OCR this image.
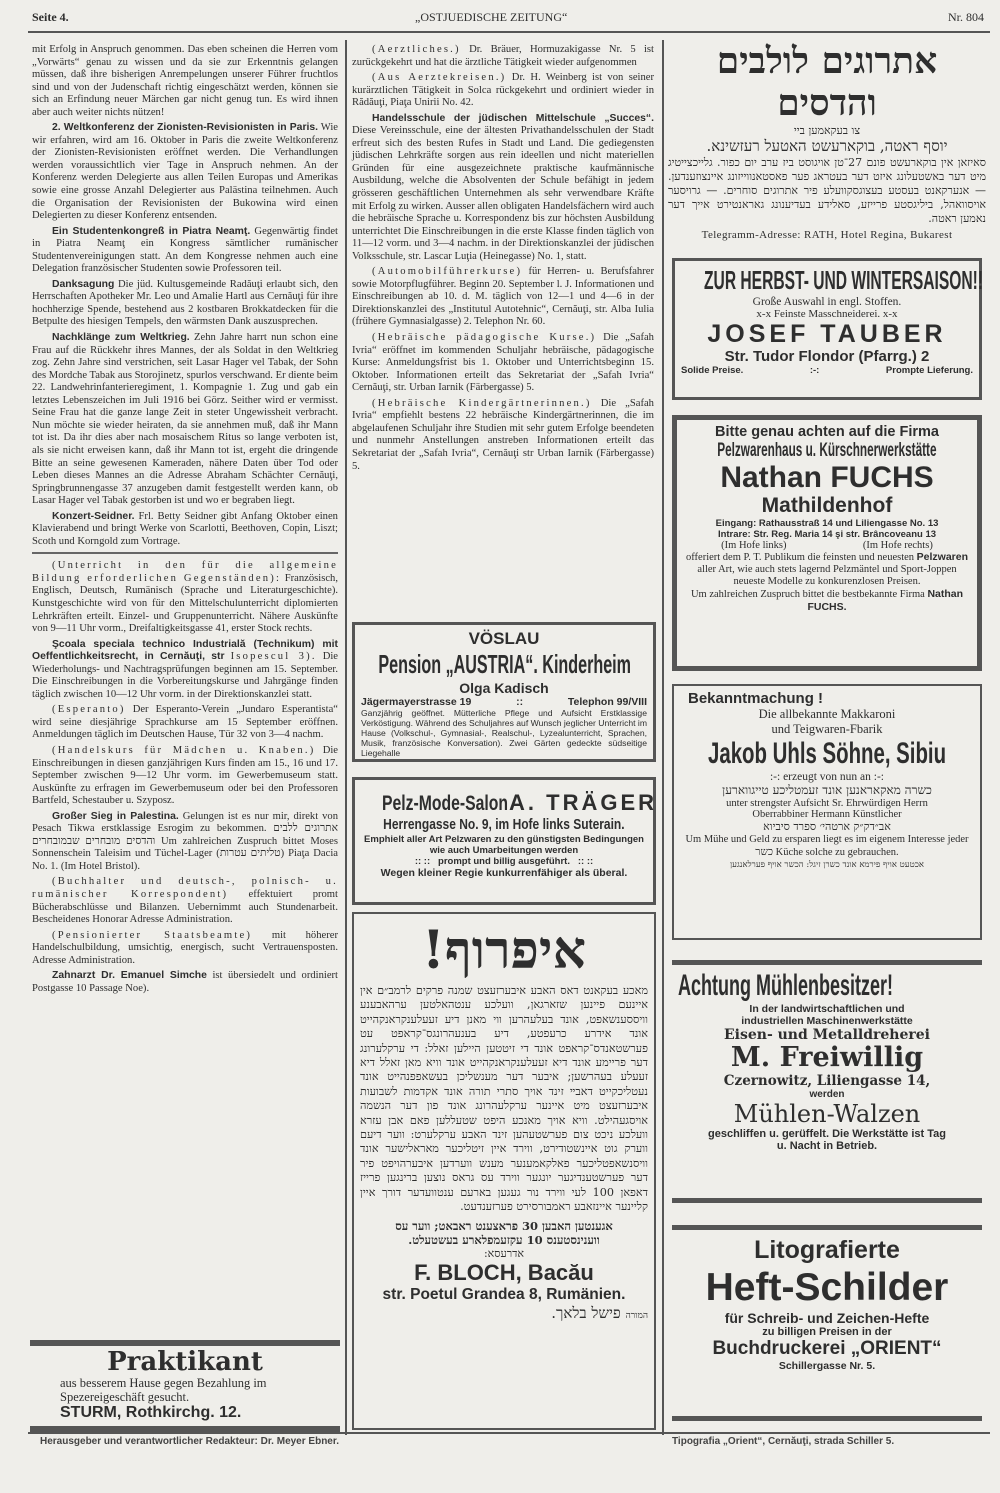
Seite 4.	„OSTJUEDISCHE ZEITUNG“	Nr. 804

mit Erfolg in Anspruch genommen. Das eben scheinen die Herren vom „Vorwärts“ genau zu wissen und da sie zur Erkenntnis gelangen müssen, daß ihre bisherigen Anrempelungen unserer Führer fruchtlos sind und von der Judenschaft richtig eingeschätzt werden, können sie sich an Erfindung neuer Märchen gar nicht genug tun. Es wird ihnen aber auch weiter nichts nützen!

2. Weltkonferenz der Zionisten-Revisionisten in Paris. Wie wir erfahren, wird am 16. Oktober in Paris die zweite Weltkonferenz der Zionisten-Revisionisten eröffnet werden. Die Verhandlungen werden voraussichtlich vier Tage in Anspruch nehmen. An der Konferenz werden Delegierte aus allen Teilen Europas und Amerikas sowie eine grosse Anzahl Delegierter aus Palästina teilnehmen. Auch die Organisation der Revisionisten der Bukowina wird einen Delegierten zu dieser Konferenz entsenden.

Ein Studentenkongreß in Piatra Neamţ. Gegenwärtig findet in Piatra Neamţ ein Kongress sämtlicher rumänischer Studentenvereinigungen statt. An dem Kongresse nehmen auch eine Delegation französischer Studenten sowie Professoren teil.

Danksagung Die jüd. Kultusgemeinde Radăuţi erlaubt sich, den Herrschaften Apotheker Mr. Leo und Amalie Hartl aus Cernăuţi für ihre hochherzige Spende, bestehend aus 2 kostbaren Brokkatdecken für die Betpulte des hiesigen Tempels, den wärmsten Dank auszusprechen.

Nachklänge zum Weltkrieg. Zehn Jahre harrt nun schon eine Frau auf die Rückkehr ihres Mannes, der als Soldat in den Weltkrieg zog. Zehn Jahre sind verstrichen, seit Lasar Hager vel Tabak, der Sohn des Mordche Tabak aus Storojinetz, spurlos verschwand. Er diente beim 22. Landwehrinfanterieregiment, 1. Kompagnie 1. Zug und gab ein letztes Lebenszeichen im Juli 1916 bei Görz. Seither wird er vermisst. Seine Frau hat die ganze lange Zeit in steter Ungewissheit verbracht. Nun möchte sie wieder heiraten, da sie annehmen muß, daß ihr Mann tot ist. Da ihr dies aber nach mosaischem Ritus so lange verboten ist, als sie nicht erweisen kann, daß ihr Mann tot ist, ergeht die dringende Bitte an seine gewesenen Kameraden, nähere Daten über Tod oder Leben dieses Mannes an die Adresse Abraham Schächter Cernăuţi, Springbrunnengasse 37 anzugeben damit festgestellt werden kann, ob Lasar Hager vel Tabak gestorben ist und wo er begraben liegt.

Konzert-Seidner. Frl. Betty Seidner gibt Anfang Oktober einen Klavierabend und bringt Werke von Scarlotti, Beethoven, Copin, Liszt; Scoth und Korngold zum Vortrage.

(Unterricht in den für die allgemeine Bildung erforderlichen Gegenständen): Französisch, Englisch, Deutsch, Rumänisch (Sprache und Literaturgeschichte). Kunstgeschichte wird von für den Mittelschulunterricht diplomierten Lehrkräften erteilt. Einzel- und Gruppenunterricht. Nähere Auskünfte von 9—11 Uhr vorm., Dreifaltigkeitsgasse 41, erster Stock rechts.

Şcoala speciala technico Industrială (Technikum) mit Oeffentlichkeitsrecht, in Cernăuţi, str Isopescul 3). Die Wiederholungs- und Nachtragsprüfungen beginnen am 15. September. Die Einschreibungen in die Vorbereitungskurse und Jahrgänge finden täglich zwischen 10—12 Uhr vorm. in der Direktionskanzlei statt.

(Esperanto) Der Esperanto-Verein „Jundaro Esperantista“ wird seine diesjährige Sprachkurse am 15 September eröffnen. Anmeldungen täglich im Deutschen Hause, Tür 32 von 3—4 nachm.

(Handelskurs für Mädchen u. Knaben.) Die Einschreibungen in diesen ganzjährigen Kurs finden am 15., 16 und 17. September zwischen 9—12 Uhr vorm. im Gewerbemuseum statt. Auskünfte zu erfragen im Gewerbemuseum oder bei den Professoren Bartfeld, Schestauber u. Szyposz.

Großer Sieg in Palestina. Gelungen ist es nur mir, direkt von Pesach Tikwa erstklassige Esrogim zu bekommen. אתרוגים ללבים והדסים מובחרים שבמובחרים Um zahlreichen Zuspruch bittet Moses Sonnenschein Taleisim und Tüchel-Lager (טליתים עטרות) Piaţa Dacia No. 1. (Im Hotel Bristol).

(Buchhalter und deutsch-, polnisch- u. rumänischer Korrespondent) effektuiert promt Bücherabschlüsse und Bilanzen. Uebernimmt auch Stundenarbeit. Bescheidenes Honorar Adresse Administration.

(Pensionierter Staatsbeamte) mit höherer Handelschulbildung, umsichtig, energisch, sucht Vertrauensposten. Adresse Administration.

Zahnarzt Dr. Emanuel Simche ist übersiedelt und ordiniert Postgasse 10 Passage Noe).

Praktikant
aus besserem Hause gegen Bezahlung im Spezereigeschäft gesucht.
STURM, Rothkirchg. 12.

(Aerztliches.) Dr. Bräuer, Hormuzakigasse Nr. 5 ist zurückgekehrt und hat die ärztliche Tätigkeit wieder aufgenommen

(Aus Aerztekreisen.) Dr. H. Weinberg ist von seiner kurärztlichen Tätigkeit in Solca rückgekehrt und ordiniert wieder in Rădăuţi, Piaţa Unirii No. 42.

Handelsschule der jüdischen Mittelschule „Succes“. Diese Vereinsschule, eine der ältesten Privathandelsschulen der Stadt erfreut sich des besten Rufes in Stadt und Land. Die gediegensten jüdischen Lehrkräfte sorgen aus rein ideellen und nicht materiellen Gründen für eine ausgezeichnete praktische kaufmännische Ausbildung, welche die Absolventen der Schule befähigt in jedem grösseren geschäftlichen Unternehmen als sehr verwendbare Kräfte mit Erfolg zu wirken. Ausser allen obligaten Handelsfächern wird auch die hebräische Sprache u. Korrespondenz bis zur höchsten Ausbildung unterrichtet Die Einschreibungen in die erste Klasse finden täglich von 11—12 vorm. und 3—4 nachm. in der Direktionskanzlei der jüdischen Volksschule, str. Lascar Luţia (Heinegasse) No. 1, statt.

(Automobilführerkurse) für Herren- u. Berufsfahrer sowie Motorpflugführer. Beginn 20. September l. J. Informationen und Einschreibungen ab 10. d. M. täglich von 12—1 und 4—6 in der Direktionskanzlei des „Institutul Autotehnic“, Cernăuţi, str. Alba Iulia (frühere Gymnasialgasse) 2. Telephon Nr. 60.

(Hebräische pädagogische Kurse.) Die „Safah Ivria“ eröffnet im kommenden Schuljahr hebräische, pädagogische Kurse: Anmeldungsfrist bis 1. Oktober und Unterrichtsbeginn 15. Oktober. Informationen erteilt das Sekretariat der „Safah Ivria“ Cernăuţi, str. Urban Iarnik (Färbergasse) 5.

(Hebräische Kindergärtnerinnen.) Die „Safah Ivria“ empfiehlt bestens 22 hebräische Kindergärtnerinnen, die im abgelaufenen Schuljahr ihre Studien mit sehr gutem Erfolge beendeten und nunmehr Anstellungen anstreben Informationen erteilt das Sekretariat der „Safah Ivria“, Cernăuţi str Urban Iarnik (Färbergasse) 5.

VÖSLAU
Pension „AUSTRIA“. Kinderheim
Olga Kadisch
Jägermayerstrasse 19	::	Telephon 99/VIII
Ganzjährig geöffnet. Mütterliche Pflege und Aufsicht Erstklassige Verköstigung. Während des Schuljahres auf Wunsch jeglicher Unterricht im Hause (Volkschul-, Gymnasial-, Realschul-, Lyzealunterricht, Sprachen, Musik, französische Konversation). Zwei Gärten gedeckte südseitige Liegehalle
Pelz-Mode-SalonA. TRÄGER
Herrengasse No. 9, im Hofe links Suterain.
Emphielt aller Art Pelzwaren zu den günstigsten Bedingungen wie auch Umarbeitungen werden
:: ::   prompt und billig ausgeführt.   :: ::
Wegen kleiner Regie kunkurrenfähiger als überal.
איפרוף!
מאכע בעקאנט דאס האבע איבערזעצט שמנה פרקים לרמב״ם אין איינעם פיינען שזארגאן, וועלכע ענטהאלטען ערהאבענע וויססענשאפט, אונד בעלעהרען ווי מאנן דיע זעעלענקראנקהייט אונד אידרע כרעפטע, דיע בענעהרונגס־קראפט עט פערשטאנדס־קראפט אונד די זיטטען היילען זאלל: די ערקלערונג דער פריימע אונד דיא זעעלענקראנקהייט אונד וויא מאן זאלל דיא זעעלע בעהרשען; איבער דער מענשליכן בעשאפפנהייט אונד נעטליכקייט דאבײ זינד אויך סתרי תורה אונד אקדמות לשבועות איבערזעצט מיט איינער ערקלעהרונג אונד פון דער הנשמה אויסגעהילט. וויא אויך מאנכע היפט שטעללען פאם אבן עזרא וועלכע ניכט צום פערשטעהען זינד האבע ערקלערט: ווער דיעם ווערק גוט איינשטודירט, ווירד איין זיטליכער מאראלישער אונד וויסנשאפטליכער פאלקאמענער מענש ווערדען איבערהויפט פיר דער פערשטענדיגער יונגער ווירד עס גראס נוצען ברינגען פרייז דאפאן 100 לעי ווירד נור געגען בארעם ענטוועדער דורך איין קליינער איינזאבע ראמבורסירט פערזענדעט.
אגענטען האבען 30 פראצענט ראבאט; ווער עס
ווענינסטענס 10 עקזעמפלארע בעשטעלט.
אדרעסא:
F. BLOCH, Bacău
str. Poetul Grandea 8, Rumänien.
המורה פישל בלאך.
אתרוגים לולבים והדסים
צו בעקאמען ביי
יוסף ראטה, בוקארעשט האטעל רעזשינא.
סאיזאן אין בוקארעשט פונם 27־טן אויגוסט ביז ערב יום כפור. גלייכצייטיג מיט דער באשטעלונג איזט דער בעטראג פער פאסטאנווייזונג איינצוזענדען. — אנערקאנט בעסטע בעצוגסקוועלע פיר אתרוגים סוחרים. — גרויסער אויסוואהל, ביליגסטע פרייזע, סאלידע בעדיענונג גאראנטירט אייך דער נאמען ראטה.
Telegramm-Adresse: RATH, Hotel Regina, Bukarest
ZUR HERBST- UND WINTERSAISON!!
Große Auswahl in engl. Stoffen.
x-x Feinste Masschneiderei. x-x
JOSEF TAUBER
Str. Tudor Flondor (Pfarrg.) 2
Solide Preise.	:-:	Prompte Lieferung.
Bitte genau achten auf die Firma
Pelzwarenhaus u. Kürschnerwerkstätte
Nathan FUCHS
Mathildenhof
Eingang: Rathausstraß 14 und Liliengasse No. 13
Intrare: Str. Reg. Maria 14 şi str. Brâncoveanu 13
(Im Hofe links)	(Im Hofe rechts)
offeriert dem P. T. Publikum die feinsten und neuesten Pelzwaren aller Art, wie auch stets lagernd Pelzmäntel und Sport-Joppen neueste Modelle zu konkurenzlosen Preisen.
Um zahlreichen Zuspruch bittet die bestbekannte Firma Nathan FUCHS.
Bekanntmachung !
Die allbekannte Makkaroni
und Teigwaren-Fbarik
Jakob Uhls Söhne, Sibiu
:-: erzeugt von nun an :-:
כשרה מאקאראנען אונד זעמטליכע טייגווארען
unter strengster Aufsicht Sr. Ehrwürdigen Herrn
Oberrabbiner Hermann Künstlicher
אב״דק״ק ארטהי׳ ספרד סיביוא
Um Mühe und Geld zu ersparen liegt es im eigenem Interesse jeder כשר Küche solche zu gebrauchen.
אכטעט אויף פירמא אונד כשרן זיגל: הכשר אויף פערלאנגען
Achtung Mühlenbesitzer!
In der landwirtschaftlichen und
industriellen Maschinenwerkstätte
Eisen- und Metalldreherei
M. Freiwillig
Czernowitz, Liliengasse 14,
werden
Mühlen-Walzen
geschliffen u. gerüffelt. Die Werkstätte ist Tag u. Nacht in Betrieb.
Litografierte
Heft-Schilder
für Schreib- und Zeichen-Hefte
zu billigen Preisen in der
Buchdruckerei „ORIENT“
Schillergasse Nr. 5.
Herausgeber und verantwortlicher Redakteur: Dr. Meyer Ebner.	Tipografia „Orient“, Cernăuţi, strada Schiller 5.
